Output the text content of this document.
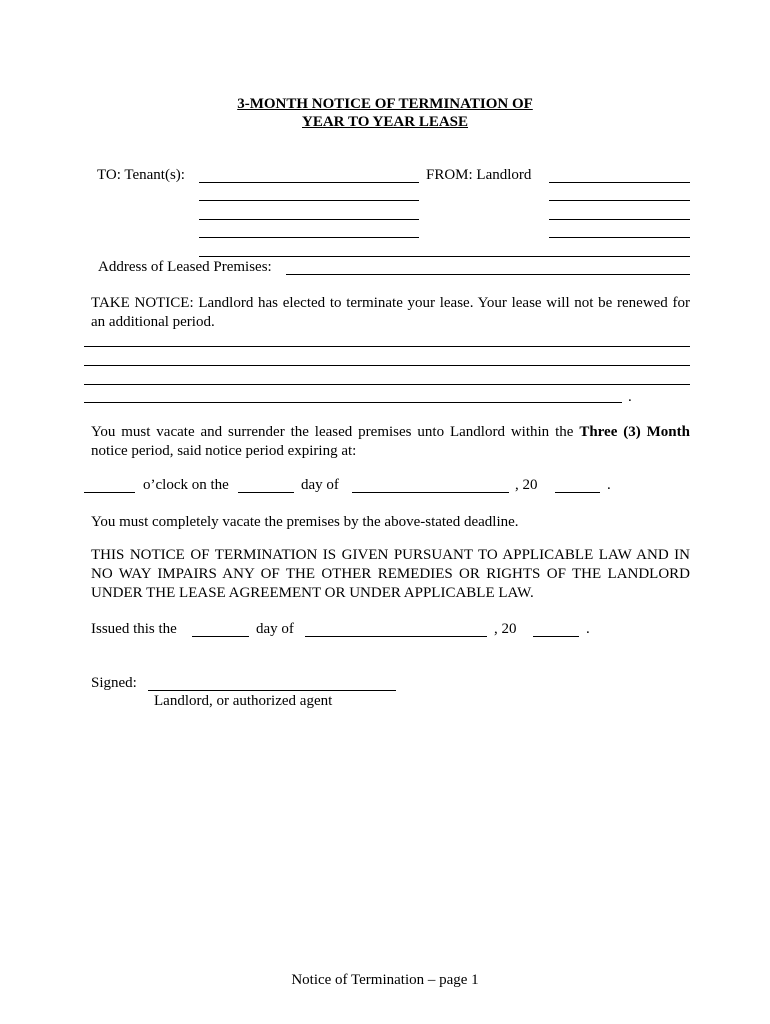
3-MONTH NOTICE OF TERMINATION OF
YEAR TO YEAR LEASE
TO: Tenant(s):	FROM: Landlord
Address of Leased Premises:
TAKE NOTICE: Landlord has elected to terminate your lease. Your lease will not be renewed for an additional period.
.
You must vacate and surrender the leased premises unto Landlord within the Three (3) Month notice period, said notice period expiring at:
o’clock on the	day of	, 20	.
You must completely vacate the premises by the above-stated deadline.
THIS NOTICE OF TERMINATION IS GIVEN PURSUANT TO APPLICABLE LAW AND IN NO WAY IMPAIRS ANY OF THE OTHER REMEDIES OR RIGHTS OF THE LANDLORD UNDER THE LEASE AGREEMENT OR UNDER APPLICABLE LAW.
Issued this the	day of	, 20	.
Signed:
Landlord, or authorized agent
Notice of Termination – page 1
